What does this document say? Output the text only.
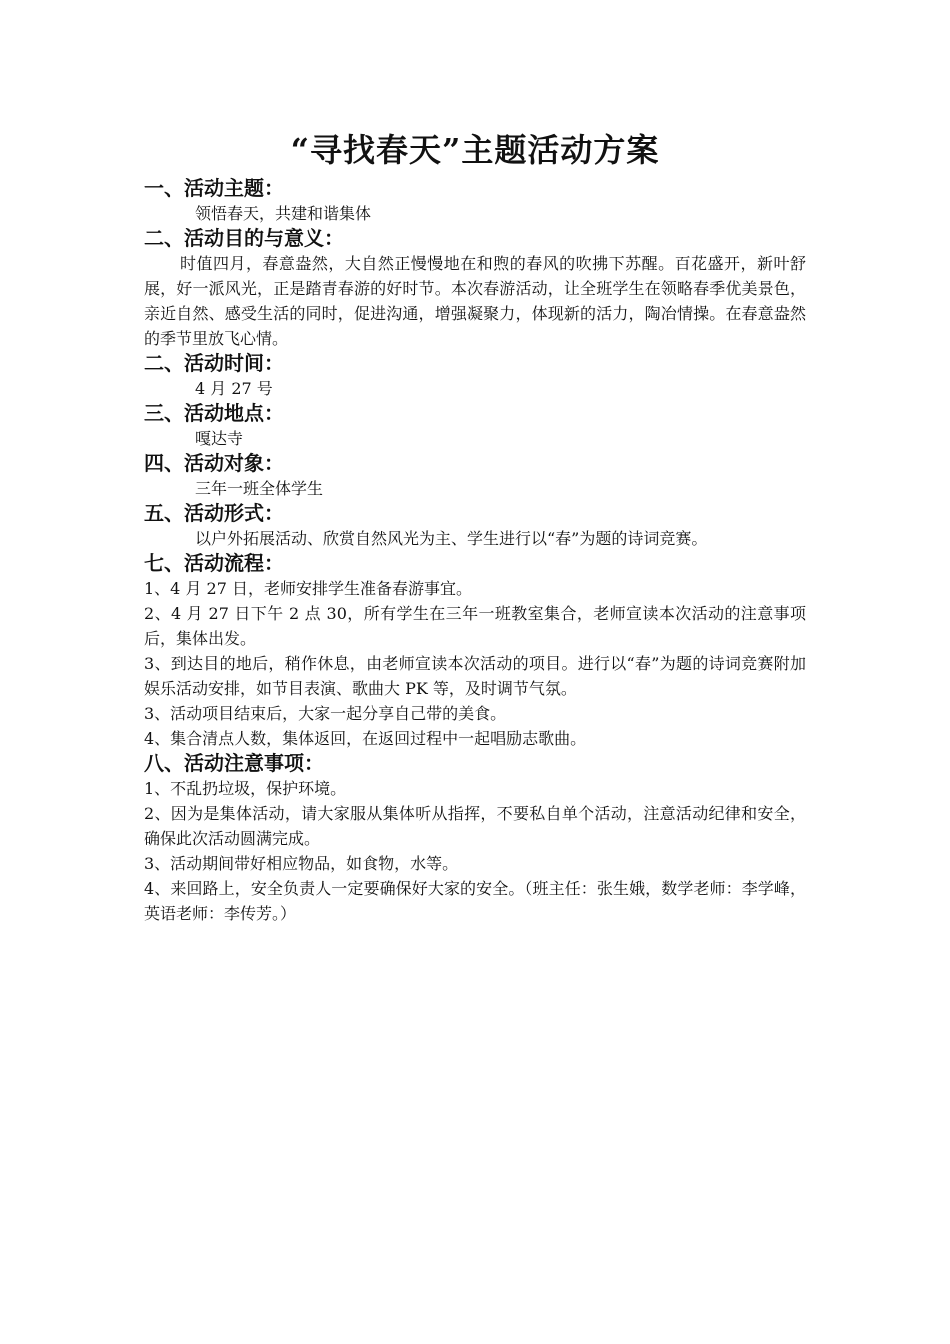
“寻找春天”主题活动方案

一、活动主题：

领悟春天，共建和谐集体

二、活动目的与意义：

时值四月，春意盎然，大自然正慢慢地在和煦的春风的吹拂下苏醒。百花盛开，新叶舒展，好一派风光，正是踏青春游的好时节。本次春游活动，让全班学生在领略春季优美景色，亲近自然、感受生活的同时，促进沟通，增强凝聚力，体现新的活力，陶冶情操。在春意盎然的季节里放飞心情。

二、活动时间：

4 月 27 号

三、活动地点：

嘎达寺

四、活动对象：

三年一班全体学生

五、活动形式：

以户外拓展活动、欣赏自然风光为主、学生进行以“春”为题的诗词竞赛。

七、活动流程：

1、4 月 27 日，老师安排学生准备春游事宜。

2、4 月 27 日下午 2 点 30，所有学生在三年一班教室集合，老师宣读本次活动的注意事项后，集体出发。

3、到达目的地后，稍作休息，由老师宣读本次活动的项目。进行以“春”为题的诗词竞赛附加娱乐活动安排，如节目表演、歌曲大 PK 等，及时调节气氛。

3、活动项目结束后，大家一起分享自己带的美食。

4、集合清点人数，集体返回，在返回过程中一起唱励志歌曲。

八、活动注意事项：

1、不乱扔垃圾，保护环境。

2、因为是集体活动，请大家服从集体听从指挥，不要私自单个活动，注意活动纪律和安全，确保此次活动圆满完成。

3、活动期间带好相应物品，如食物，水等。

4、来回路上，安全负责人一定要确保好大家的安全。（班主任：张生娥，数学老师：李学峰，英语老师：李传芳。）
